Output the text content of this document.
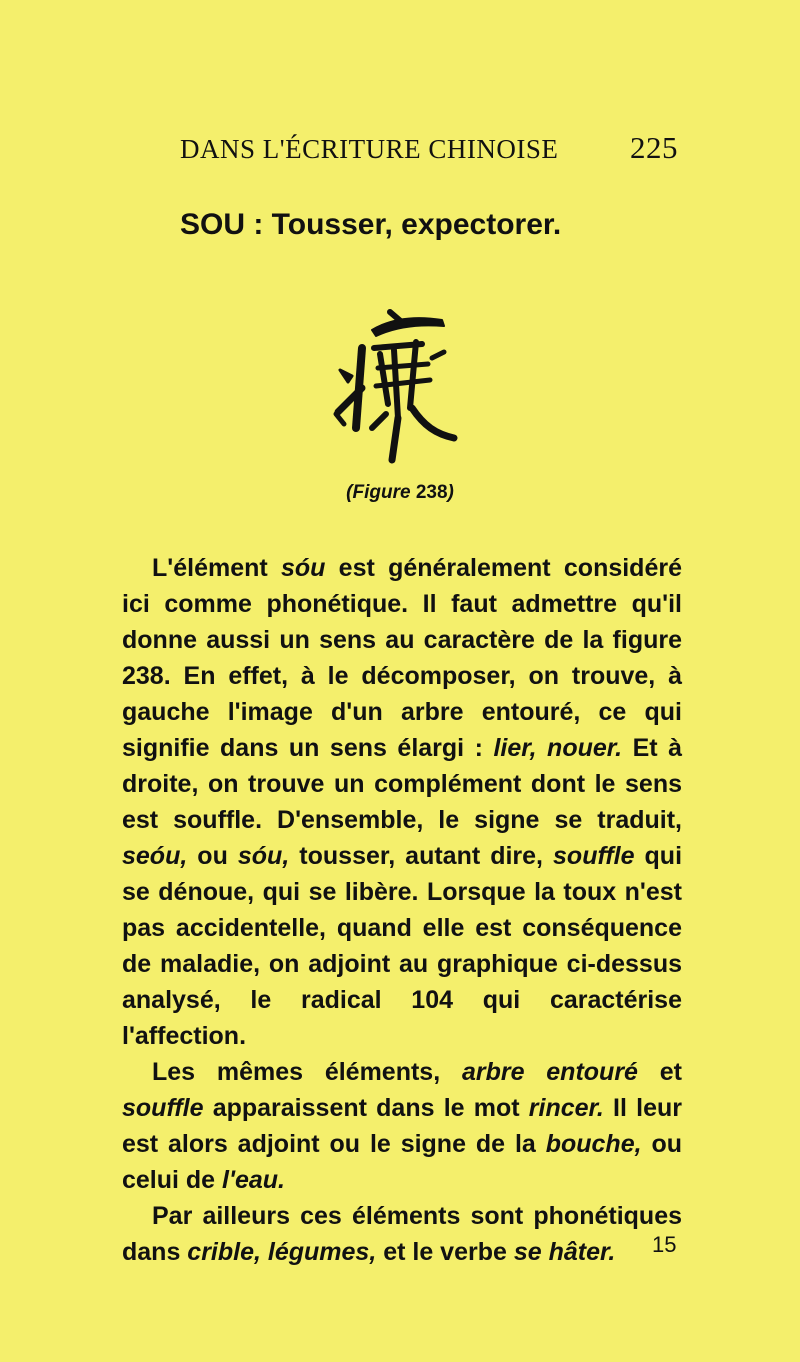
DANS L'ÉCRITURE CHINOISE 225
SOU : Tousser, expectorer.
(Figure 238)

L'élément sóu est généralement considéré ici comme phonétique. Il faut admettre qu'il donne aussi un sens au caractère de la figure 238. En effet, à le décomposer, on trouve, à gauche l'image d'un arbre entouré, ce qui signifie dans un sens élargi : lier, nouer. Et à droite, on trouve un complément dont le sens est souffle. D'ensemble, le signe se traduit, seóu, ou sóu, tousser, autant dire, souffle qui se dénoue, qui se libère. Lorsque la toux n'est pas accidentelle, quand elle est conséquence de maladie, on adjoint au graphique ci-dessus analysé, le radical 104 qui caractérise l'affection.

Les mêmes éléments, arbre entouré et souffle apparaissent dans le mot rincer. Il leur est alors adjoint ou le signe de la bouche, ou celui de l'eau.

Par ailleurs ces éléments sont phonétiques dans crible, légumes, et le verbe se hâter.	15
